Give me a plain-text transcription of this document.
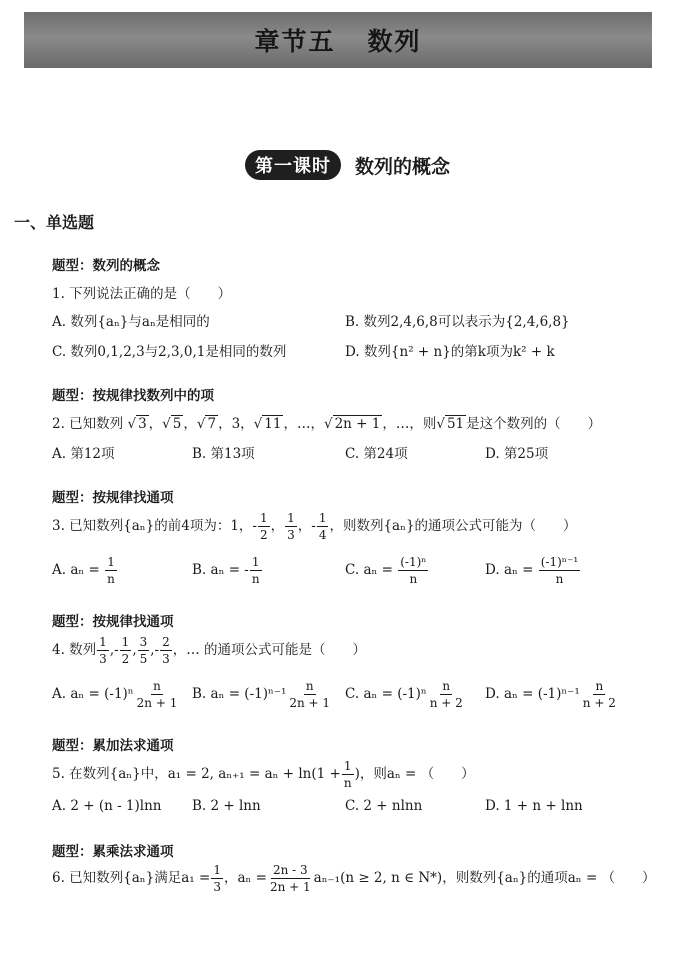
章节五   数列
第一课时	数列的概念
一、单选题
题型：数列的概念
1. 下列说法正确的是（　　）
A. 数列{aₙ}与aₙ是相同的	B. 数列2,4,6,8可以表示为{2,4,6,8}
C. 数列0,1,2,3与2,3,0,1是相同的数列	D. 数列{n² + n}的第k项为k² + k
题型：按规律找数列中的项
2. 已知数列 √ 3 ，√ 5 ，√ 7 ，3，√ 11 ，…，√ 2n + 1 ，…，则√ 51 是这个数列的（　　）
A. 第12项	B. 第13项	C. 第24项	D. 第25项
题型：按规律找通项
3. 已知数列{aₙ}的前4项为：1，- $\frac{1}{2}$ ， $\frac{1}{3}$ ，- $\frac{1}{4}$ ，则数列{aₙ}的通项公式可能为（　　）
A. $a_n = \frac{1}{n}$	B. aₙ = - $\frac{1}{n}$	C. $a_n = \frac{\text{(-1)ⁿ}}{n}$	D. $a_n = \frac{\text{(-1)ⁿ⁻¹}}{n}$
题型：按规律找通项
4. 数列 $\frac{1}{3}$ ,- $\frac{1}{2}$ , $\frac{3}{5}$ ,- $\frac{2}{3}$ ，… 的通项公式可能是（　　）
A. $a_n = (-1)^n \frac{n}{2n + 1} B$. $a_n = (-1)^{n-1} \frac{n}{2n + 1} C$. $a_n = (-1)^n \frac{n}{n + 2} D$. $a_n = (-1)^{n-1} \frac{n}{n + 2}$
题型：累加法求通项
5. 在数列{aₙ}中，a₁ = 2, $a_{n+1} = a_n + \ln(1 + \frac{1}{n}$ )，则aₙ = （　　）
A. 2 + (n - 1)lnn B. 2 + lnn	C. 2 + nlnn	D. 1 + n + lnn
题型：累乘法求通项
6. 已知数列{aₙ}满足$a_1 = \frac{1}{3}$ ，$a_n = \frac{2n - 3}{2n + 1} a_{n-1}(n \ge 2$, n ∈ N*)，则数列{aₙ}的通项aₙ = （　　）
